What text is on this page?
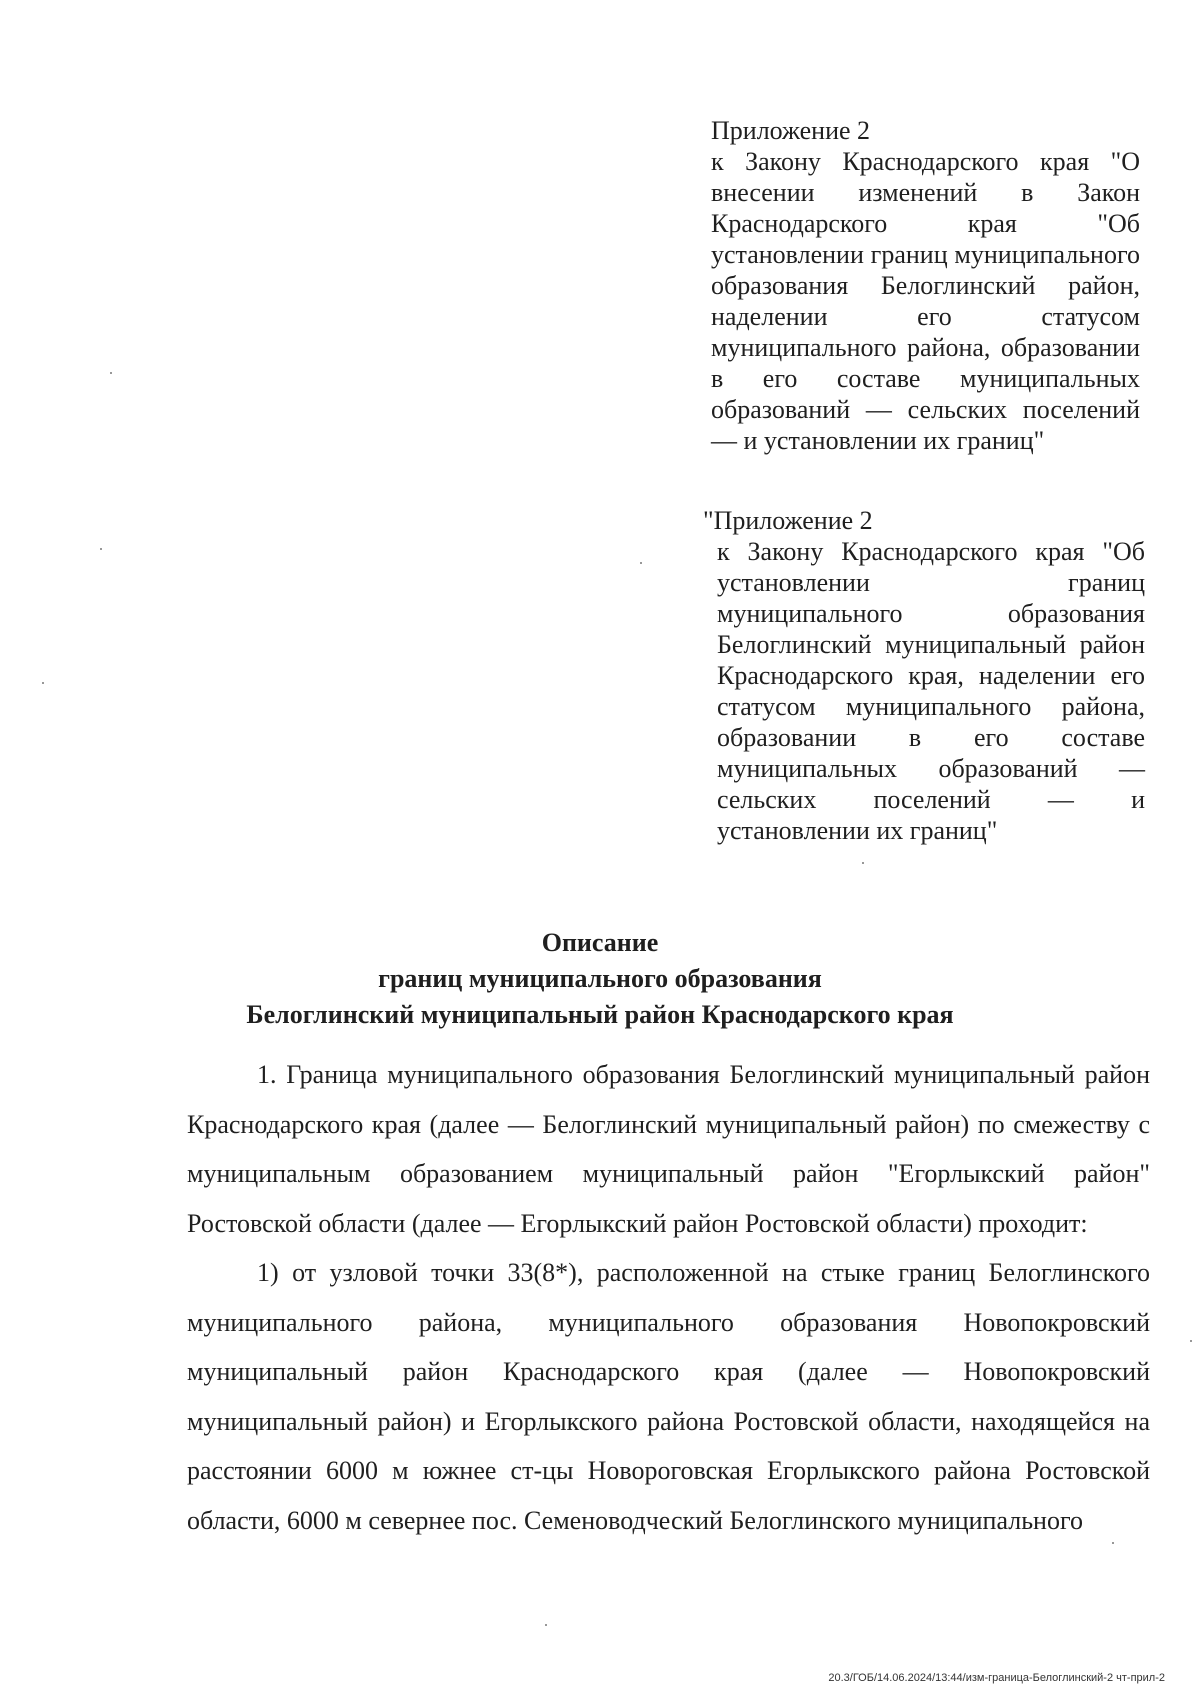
Приложение 2
к Закону Краснодарского края "О внесении изменений в Закон Краснодарского края "Об установлении границ муниципального образования Белоглинский район, наделении его статусом муниципального района, образовании в его составе муниципальных образований — сельских поселений — и установлении их границ"
"Приложение 2
к Закону Краснодарского края "Об установлении границ муниципального образования Белоглинский муниципальный район Краснодарского края, наделении его статусом муниципального района, образовании в его составе муниципальных образований — сельских поселений — и установлении их границ"
Описание
границ муниципального образования
Белоглинский муниципальный район Краснодарского края

1. Граница муниципального образования Белоглинский муниципальный район Краснодарского края (далее — Белоглинский муниципальный район) по смежеству с муниципальным образованием муниципальный район "Егорлыкский район" Ростовской области (далее — Егорлыкский район Ростовской области) проходит:

1) от узловой точки 33(8*), расположенной на стыке границ Белоглинского муниципального района, муниципального образования Новопокровский муниципальный район Краснодарского края (далее — Новопокровский муниципальный район) и Егорлыкского района Ростовской области, находящейся на расстоянии 6000 м южнее ст-цы Новороговская Егорлыкского района Ростовской области, 6000 м севернее пос. Семеноводческий Белоглинского муниципального

20.3/ГОБ/14.06.2024/13:44/изм-граница-Белоглинский-2 чт-прил-2
